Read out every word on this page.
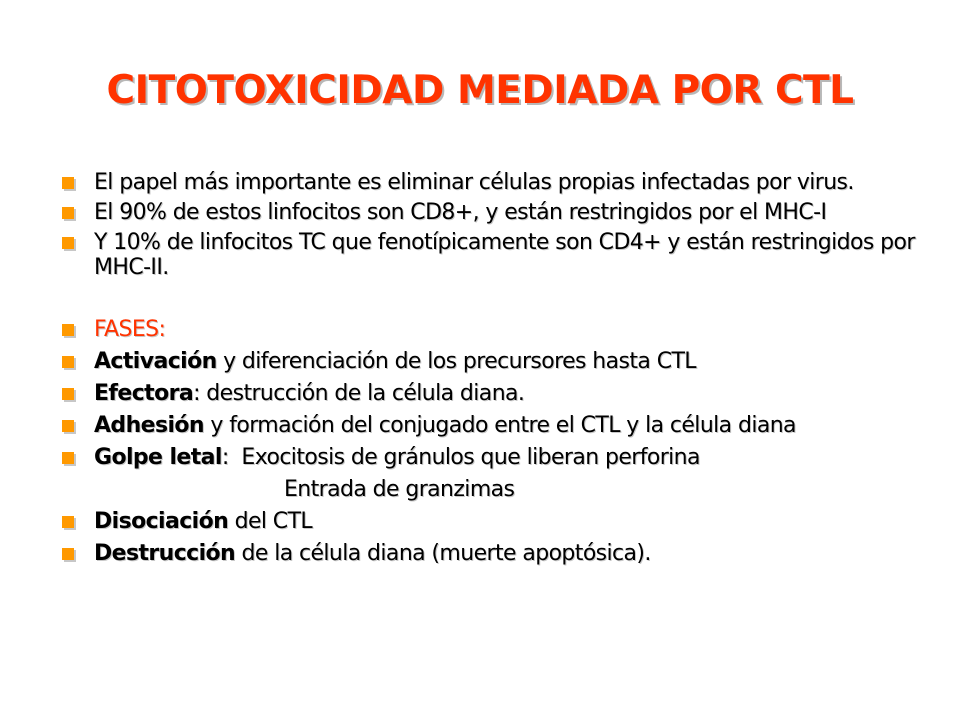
CITOTOXICIDAD MEDIADA POR CTL
El papel más importante es eliminar células propias infectadas por virus.
El 90% de estos linfocitos son CD8+, y están restringidos por el MHC-I
Y 10% de linfocitos TC que fenotípicamente son CD4+ y están restringidos por MHC-II.
FASES:
Activación y diferenciación de los precursores hasta CTL
Efectora: destrucción de la célula diana.
Adhesión y formación del conjugado entre el CTL y la célula diana
Golpe letal:  Exocitosis de gránulos que liberan perforina
Entrada de granzimas
Disociación del CTL
Destrucción de la célula diana (muerte apoptósica).
